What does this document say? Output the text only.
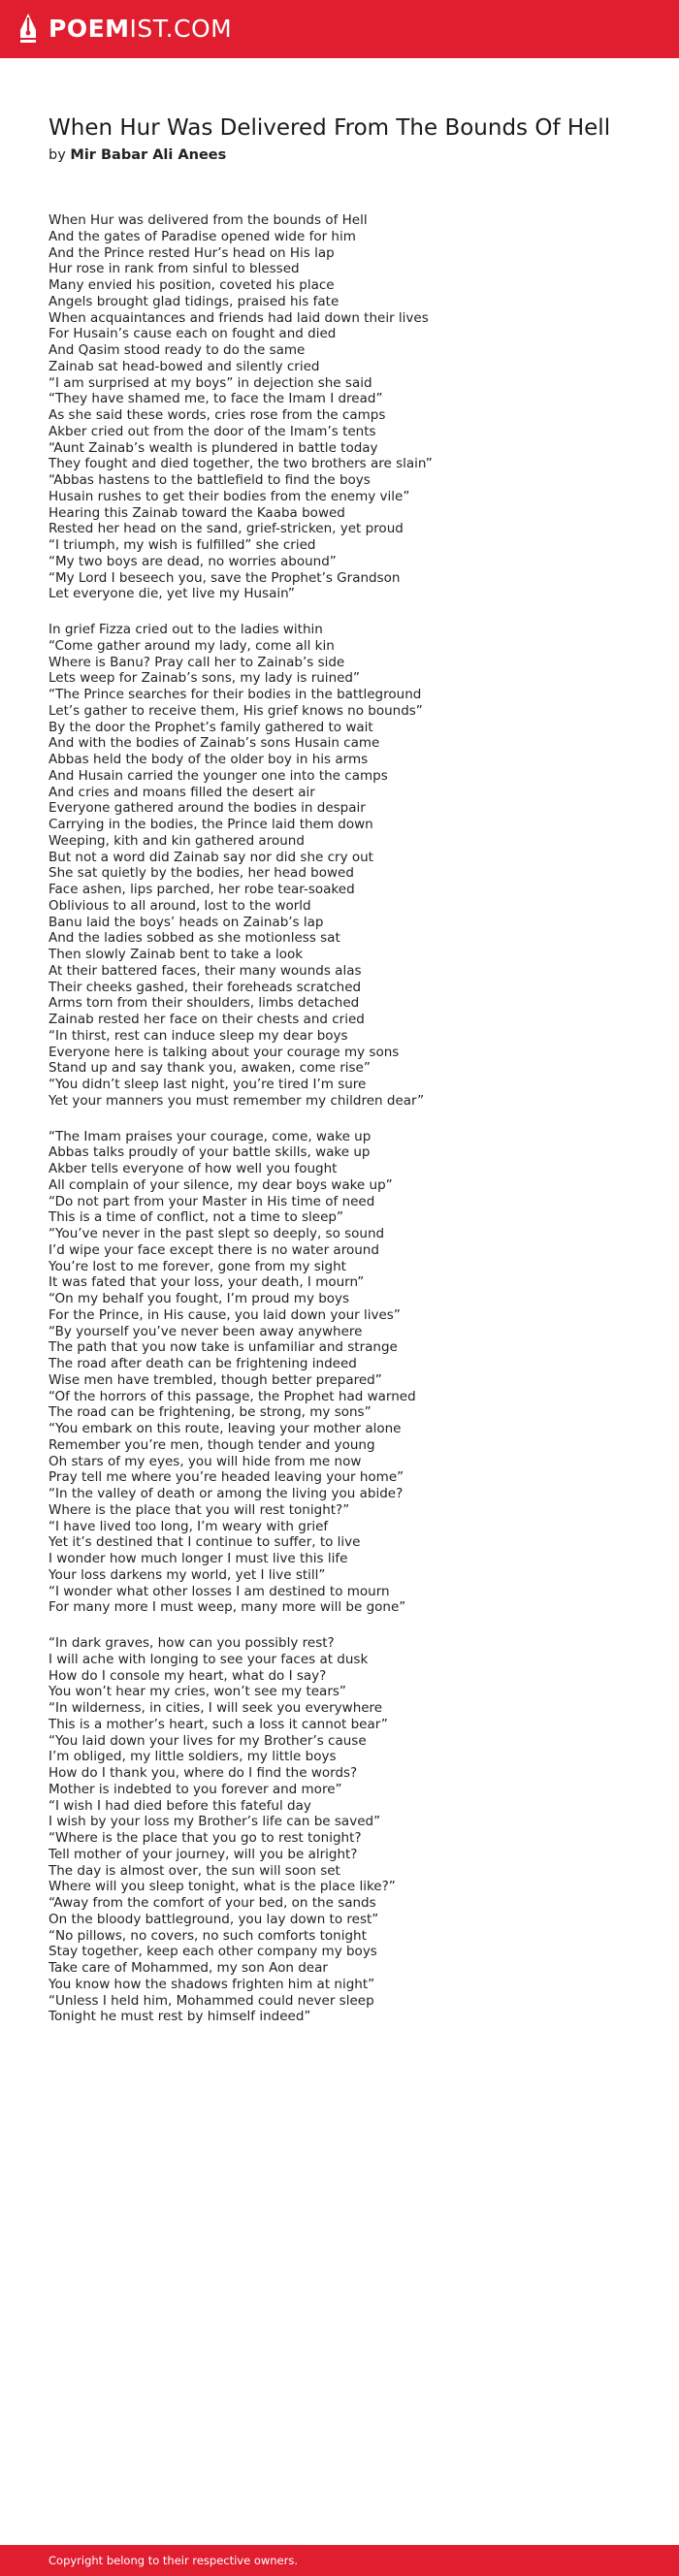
POEMIST.COM
When Hur Was Delivered From The Bounds Of Hell
by Mir Babar Ali Anees
When Hur was delivered from the bounds of Hell
And the gates of Paradise opened wide for him
And the Prince rested Hur’s head on His lap
Hur rose in rank from sinful to blessed
Many envied his position, coveted his place
Angels brought glad tidings, praised his fate
When acquaintances and friends had laid down their lives
For Husain’s cause each on fought and died
And Qasim stood ready to do the same
Zainab sat head-bowed and silently cried
“I am surprised at my boys” in dejection she said
“They have shamed me, to face the Imam I dread”
As she said these words, cries rose from the camps
Akber cried out from the door of the Imam’s tents
“Aunt Zainab’s wealth is plundered in battle today
They fought and died together, the two brothers are slain”
“Abbas hastens to the battlefield to find the boys
Husain rushes to get their bodies from the enemy vile”
Hearing this Zainab toward the Kaaba bowed
Rested her head on the sand, grief-stricken, yet proud
“I triumph, my wish is fulfilled” she cried
“My two boys are dead, no worries abound”
“My Lord I beseech you, save the Prophet’s Grandson
Let everyone die, yet live my Husain”
In grief Fizza cried out to the ladies within
“Come gather around my lady, come all kin
Where is Banu? Pray call her to Zainab’s side
Lets weep for Zainab’s sons, my lady is ruined”
“The Prince searches for their bodies in the battleground
Let’s gather to receive them, His grief knows no bounds”
By the door the Prophet’s family gathered to wait
And with the bodies of Zainab’s sons Husain came
Abbas held the body of the older boy in his arms
And Husain carried the younger one into the camps
And cries and moans filled the desert air
Everyone gathered around the bodies in despair
Carrying in the bodies, the Prince laid them down
Weeping, kith and kin gathered around
But not a word did Zainab say nor did she cry out
She sat quietly by the bodies, her head bowed
Face ashen, lips parched, her robe tear-soaked
Oblivious to all around, lost to the world
Banu laid the boys’ heads on Zainab’s lap
And the ladies sobbed as she motionless sat
Then slowly Zainab bent to take a look
At their battered faces, their many wounds alas
Their cheeks gashed, their foreheads scratched
Arms torn from their shoulders, limbs detached
Zainab rested her face on their chests and cried
“In thirst, rest can induce sleep my dear boys
Everyone here is talking about your courage my sons
Stand up and say thank you, awaken, come rise”
“You didn’t sleep last night, you’re tired I’m sure
Yet your manners you must remember my children dear”
“The Imam praises your courage, come, wake up
Abbas talks proudly of your battle skills, wake up
Akber tells everyone of how well you fought
All complain of your silence, my dear boys wake up”
“Do not part from your Master in His time of need
This is a time of conflict, not a time to sleep”
“You’ve never in the past slept so deeply, so sound
I’d wipe your face except there is no water around
You’re lost to me forever, gone from my sight
It was fated that your loss, your death, I mourn”
“On my behalf you fought, I’m proud my boys
For the Prince, in His cause, you laid down your lives”
“By yourself you’ve never been away anywhere
The path that you now take is unfamiliar and strange
The road after death can be frightening indeed
Wise men have trembled, though better prepared”
“Of the horrors of this passage, the Prophet had warned
The road can be frightening, be strong, my sons”
“You embark on this route, leaving your mother alone
Remember you’re men, though tender and young
Oh stars of my eyes, you will hide from me now
Pray tell me where you’re headed leaving your home”
“In the valley of death or among the living you abide?
Where is the place that you will rest tonight?”
“I have lived too long, I’m weary with grief
Yet it’s destined that I continue to suffer, to live
I wonder how much longer I must live this life
Your loss darkens my world, yet I live still”
“I wonder what other losses I am destined to mourn
For many more I must weep, many more will be gone”
“In dark graves, how can you possibly rest?
I will ache with longing to see your faces at dusk
How do I console my heart, what do I say?
You won’t hear my cries, won’t see my tears”
“In wilderness, in cities, I will seek you everywhere
This is a mother’s heart, such a loss it cannot bear”
“You laid down your lives for my Brother’s cause
I’m obliged, my little soldiers, my little boys
How do I thank you, where do I find the words?
Mother is indebted to you forever and more”
“I wish I had died before this fateful day
I wish by your loss my Brother’s life can be saved”
“Where is the place that you go to rest tonight?
Tell mother of your journey, will you be alright?
The day is almost over, the sun will soon set
Where will you sleep tonight, what is the place like?”
“Away from the comfort of your bed, on the sands
On the bloody battleground, you lay down to rest”
“No pillows, no covers, no such comforts tonight
Stay together, keep each other company my boys
Take care of Mohammed, my son Aon dear
You know how the shadows frighten him at night”
“Unless I held him, Mohammed could never sleep
Tonight he must rest by himself indeed”
Copyright belong to their respective owners.
